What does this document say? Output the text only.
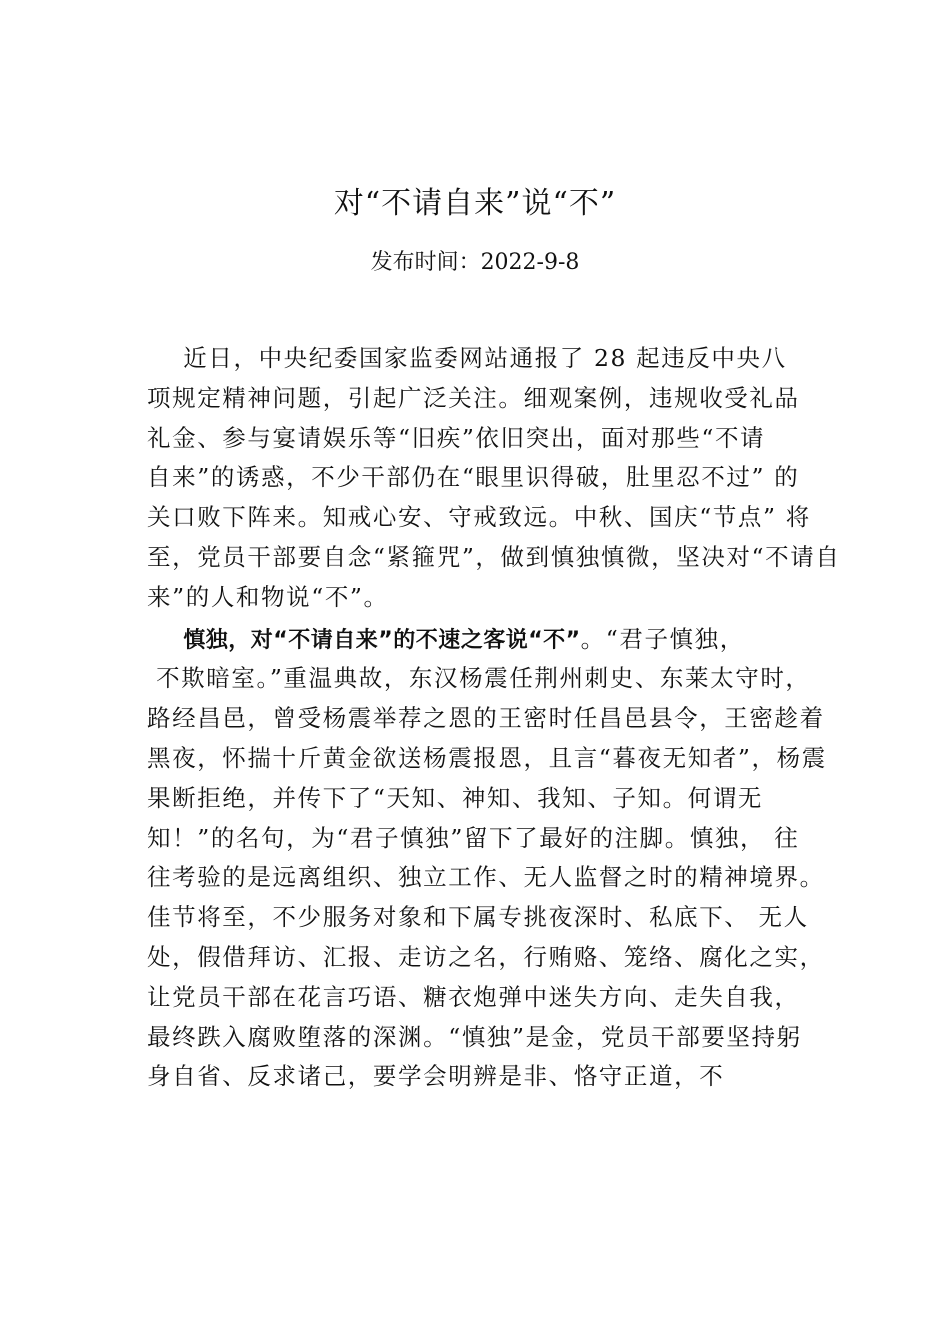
对“不请自来”说“不”
发布时间：2022-9-8
近日，中央纪委国家监委网站通报了 28 起违反中央八
项规定精神问题，引起广泛关注。细观案例，违规收受礼品
礼金、参与宴请娱乐等“旧疾”依旧突出，面对那些“不请
自来”的诱惑，不少干部仍在“眼里识得破，肚里忍不过” 的
关口败下阵来。知戒心安、守戒致远。中秋、国庆“节点” 将
至，党员干部要自念“紧箍咒”，做到慎独慎微，坚决对“不请自
来”的人和物说“不”。
慎独，对“不请自来”的不速之客说“不”。“君子慎独，
不欺暗室。”重温典故，东汉杨震任荆州刺史、东莱太守时，
路经昌邑，曾受杨震举荐之恩的王密时任昌邑县令，王密趁着
黑夜，怀揣十斤黄金欲送杨震报恩，且言“暮夜无知者”，杨震
果断拒绝，并传下了“天知、神知、我知、子知。何谓无
知！”的名句，为“君子慎独”留下了最好的注脚。慎独， 往
往考验的是远离组织、独立工作、无人监督之时的精神境界。
佳节将至，不少服务对象和下属专挑夜深时、私底下、 无人
处，假借拜访、汇报、走访之名，行贿赂、笼络、腐化之实，
让党员干部在花言巧语、糖衣炮弹中迷失方向、走失自我，
最终跌入腐败堕落的深渊。“慎独”是金，党员干部要坚持躬
身自省、反求诸己，要学会明辨是非、恪守正道，不
